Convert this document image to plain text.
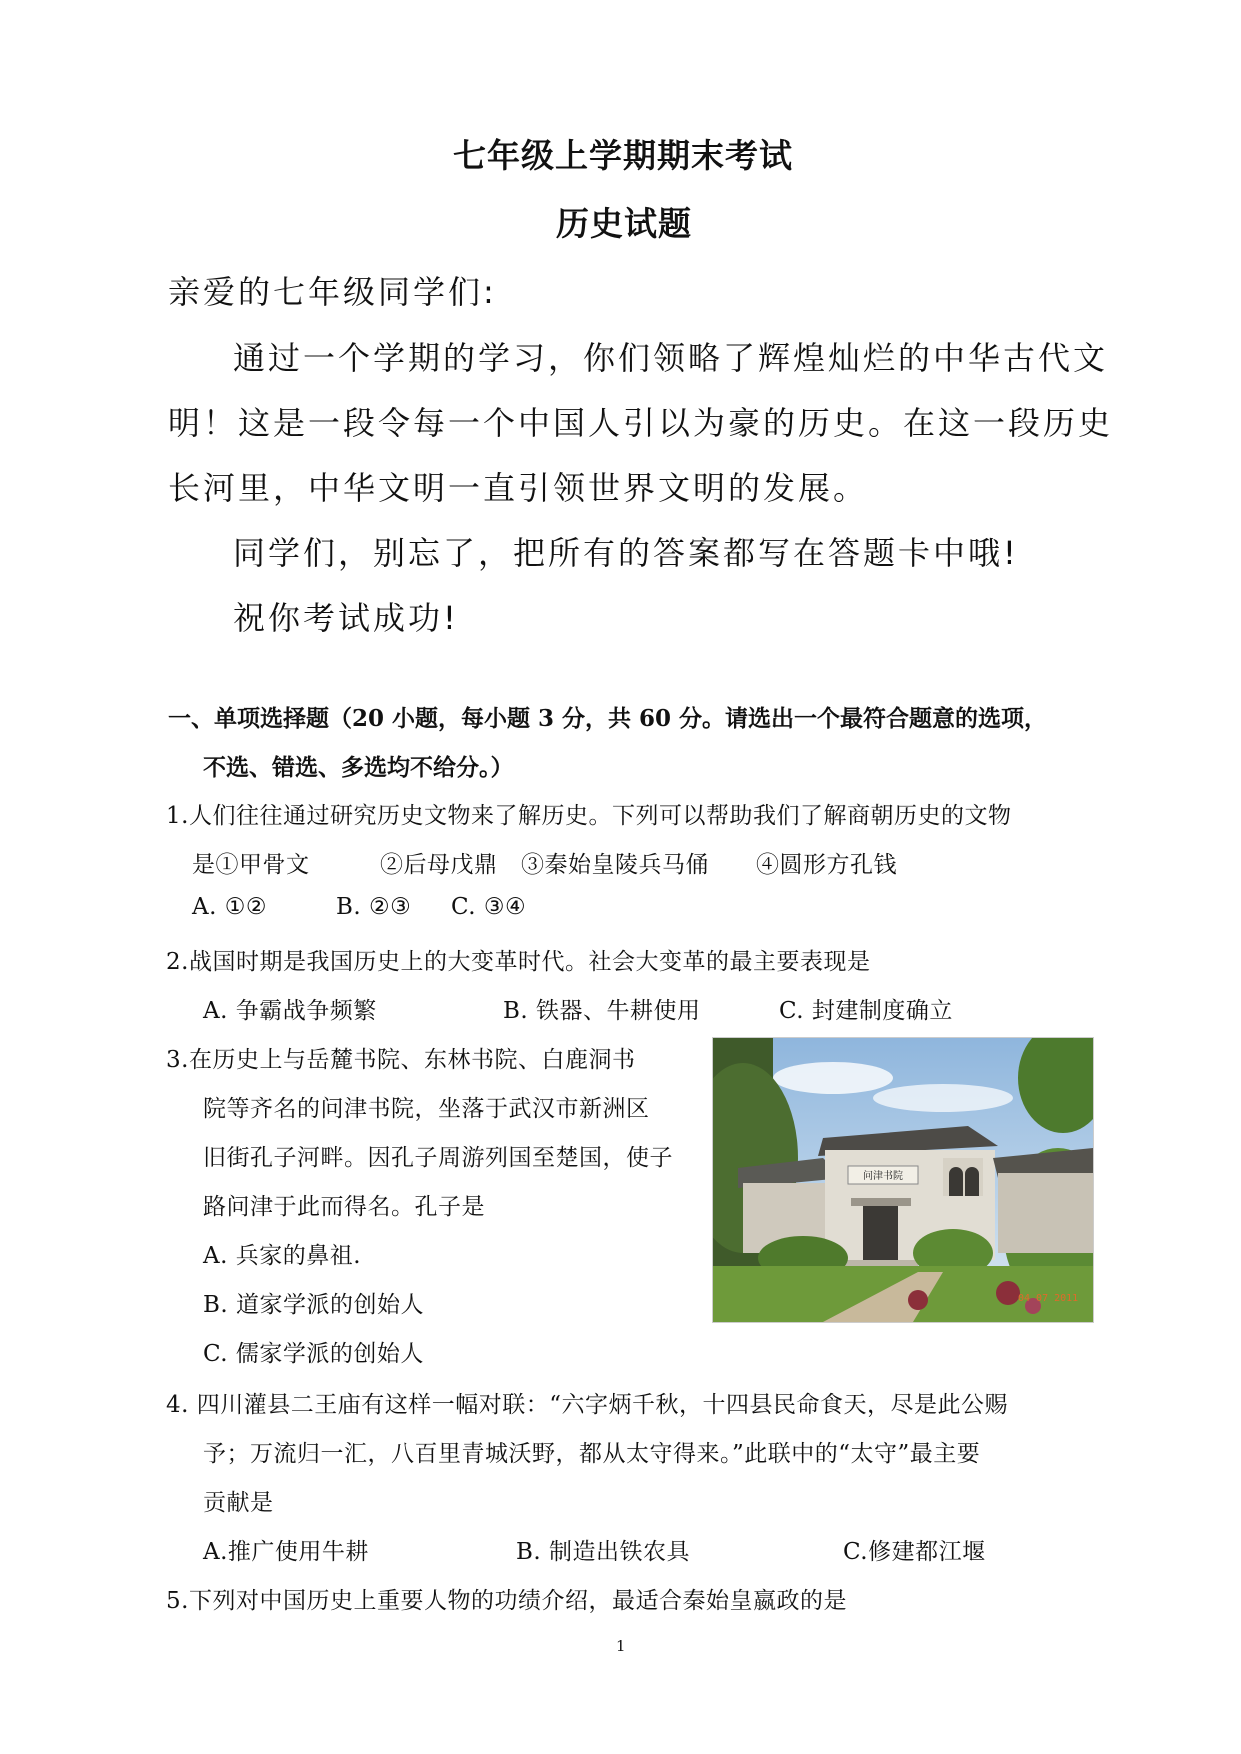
七年级上学期期末考试
历史试题
亲爱的七年级同学们:
通过一个学期的学习，你们领略了辉煌灿烂的中华古代文
明！这是一段令每一个中国人引以为豪的历史。在这一段历史
长河里，中华文明一直引领世界文明的发展。
同学们，别忘了，把所有的答案都写在答题卡中哦!
祝你考试成功!
一、单项选择题（20 小题，每小题 3 分，共 60 分。请选出一个最符合题意的选项，
不选、错选、多选均不给分。）
1.人们往往通过研究历史文物来了解历史。下列可以帮助我们了解商朝历史的文物
是①甲骨文　　　②后母戊鼎　③秦始皇陵兵马俑　　④圆形方孔钱
A. ①②	B. ②③ C. ③④
2.战国时期是我国历史上的大变革时代。社会大变革的最主要表现是
A. 争霸战争频繁	B. 铁器、牛耕使用	C. 封建制度确立
3.在历史上与岳麓书院、东林书院、白鹿洞书
院等齐名的问津书院，坐落于武汉市新洲区
旧街孔子河畔。因孔子周游列国至楚国，使子
路问津于此而得名。孔子是
A. 兵家的鼻祖.
B. 道家学派的创始人
C. 儒家学派的创始人
问津书院
04 07 2011
4. 四川灌县二王庙有这样一幅对联：“六字炳千秋，十四县民命食天，尽是此公赐
予；万流归一汇，八百里青城沃野，都从太守得来。”此联中的“太守”最主要
贡献是
A.推广使用牛耕	B. 制造出铁农具	C.修建都江堰
5.下列对中国历史上重要人物的功绩介绍，最适合秦始皇嬴政的是
1
